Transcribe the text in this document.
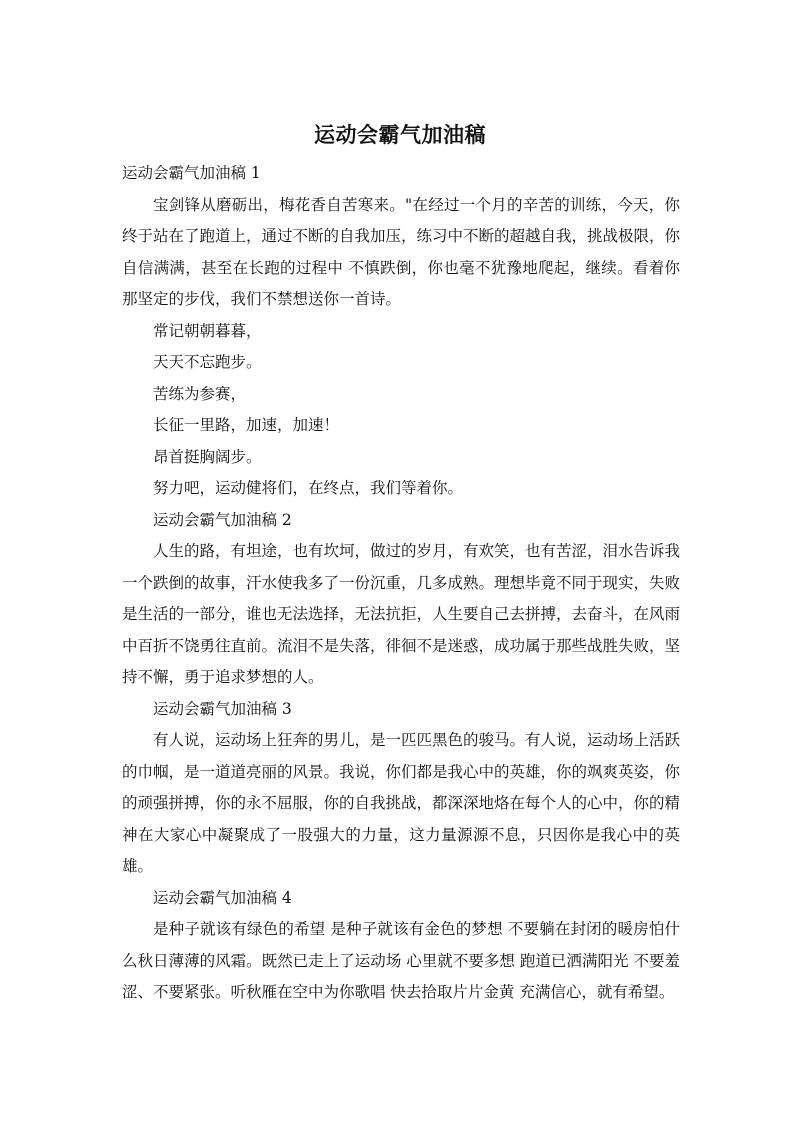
运动会霸气加油稿

运动会霸气加油稿 1

宝剑锋从磨砺出，梅花香自苦寒来。"在经过一个月的辛苦的训练，今天，你终于站在了跑道上，通过不断的自我加压，练习中不断的超越自我，挑战极限，你自信满满，甚至在长跑的过程中 不慎跌倒，你也毫不犹豫地爬起，继续。看着你那坚定的步伐，我们不禁想送你一首诗。

常记朝朝暮暮，

天天不忘跑步。

苦练为参赛，

长征一里路，加速，加速！

昂首挺胸阔步。

努力吧，运动健将们，在终点，我们等着你。

运动会霸气加油稿 2

人生的路，有坦途，也有坎坷，做过的岁月，有欢笑，也有苦涩，泪水告诉我一个跌倒的故事，汗水使我多了一份沉重，几多成熟。理想毕竟不同于现实，失败是生活的一部分，谁也无法选择，无法抗拒，人生要自己去拼搏，去奋斗，在风雨中百折不饶勇往直前。流泪不是失落，徘徊不是迷惑，成功属于那些战胜失败，坚持不懈，勇于追求梦想的人。

运动会霸气加油稿 3

有人说，运动场上狂奔的男儿，是一匹匹黑色的骏马。有人说，运动场上活跃的巾帼，是一道道亮丽的风景。我说，你们都是我心中的英雄，你的飒爽英姿，你的顽强拼搏，你的永不屈服，你的自我挑战，都深深地烙在每个人的心中，你的精神在大家心中凝聚成了一股强大的力量，这力量源源不息，只因你是我心中的英雄。

运动会霸气加油稿 4

是种子就该有绿色的希望 是种子就该有金色的梦想 不要躺在封闭的暖房怕什么秋日薄薄的风霜。既然已走上了运动场 心里就不要多想 跑道已洒满阳光 不要羞涩、不要紧张。听秋雁在空中为你歌唱 快去拾取片片金黄 充满信心，就有希望。
